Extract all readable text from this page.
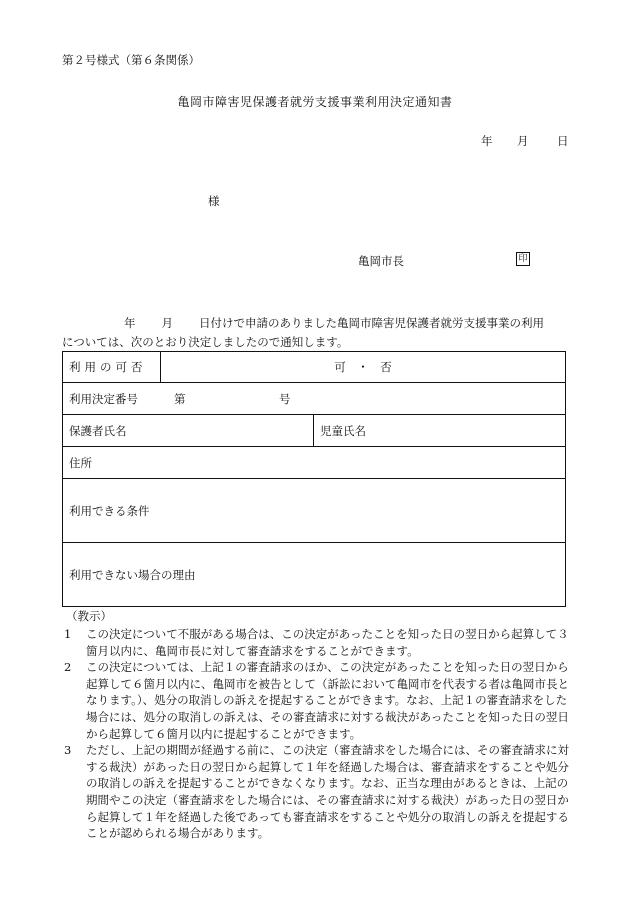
第２号様式（第６条関係）
亀岡市障害児保護者就労支援事業利用決定通知書
年 月 日
様
亀岡市長	印
年 月 日付けで申請のありました亀岡市障害児保護者就労支援事業の利用
については、次のとおり決定しましたので通知します。
利用の可否	可　・　否	
利用決定番号 第 号		
保護者氏名		児童氏名
住所		
利用できる条件		
利用できない場合の理由		
（教示）
1	この決定について不服がある場合は、この決定があったことを知った日の翌日から起算して３箇月以内に、亀岡市長に対して審査請求をすることができます。
2	この決定については、上記１の審査請求のほか、この決定があったことを知った日の翌日から起算して６箇月以内に、亀岡市を被告として（訴訟において亀岡市を代表する者は亀岡市長となります。）、処分の取消しの訴えを提起することができます。なお、上記１の審査請求をした場合には、処分の取消しの訴えは、その審査請求に対する裁決があったことを知った日の翌日から起算して６箇月以内に提起することができます。
3	ただし、上記の期間が経過する前に、この決定（審査請求をした場合には、その審査請求に対する裁決）があった日の翌日から起算して１年を経過した場合は、審査請求をすることや処分の取消しの訴えを提起することができなくなります。なお、正当な理由があるときは、上記の期間やこの決定（審査請求をした場合には、その審査請求に対する裁決）があった日の翌日から起算して１年を経過した後であっても審査請求をすることや処分の取消しの訴えを提起することが認められる場合があります。
